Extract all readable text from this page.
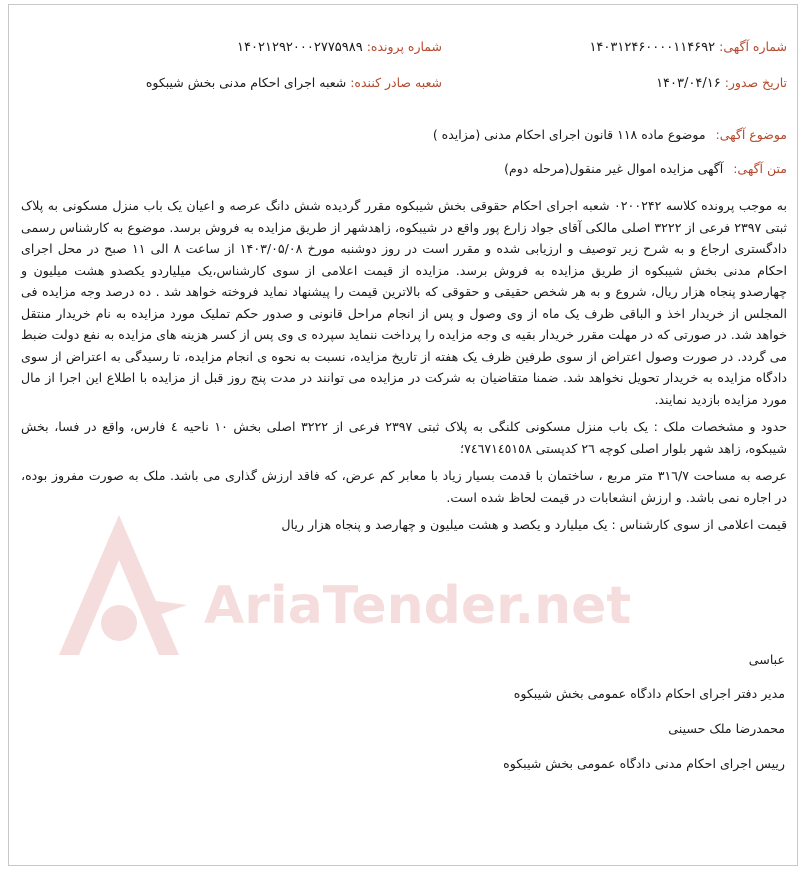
AriaTender.net
شماره آگهی: ۱۴۰۳۱۲۴۶۰۰۰۰۱۱۴۶۹۲
شماره پرونده: ۱۴۰۲۱۲۹۲۰۰۰۲۷۷۵۹۸۹
تاریخ صدور: ۱۴۰۳/۰۴/۱۶
شعبه صادر کننده: شعبه اجرای احکام مدنی بخش شیبکوه
موضوع آگهی: موضوع ماده ۱۱۸ قانون اجرای احکام مدنی (مزایده )
متن آگهی: آگهی مزایده اموال غیر منقول(مرحله دوم)

به موجب پرونده کلاسه ۰۲۰۰۲۴۲ شعبه اجرای احکام حقوقی بخش شیبکوه مقرر گردیده شش دانگ عرصه و اعیان یک باب منزل مسکونی به پلاک ثبتی ۲۳۹۷ فرعی از ۳۲۲۲ اصلی مالکی آقای جواد زارع پور واقع در شیبکوه، زاهدشهر از طریق مزایده به فروش برسد. موضوع به کارشناس رسمی دادگستری ارجاع و به شرح زیر توصیف و ارزیابی شده و مقرر است در روز دوشنبه مورخ ۱۴۰۳/۰۵/۰۸ از ساعت ۸ الی ۱۱ صبح در محل اجرای احکام مدنی بخش شیبکوه از طریق مزایده به فروش برسد. مزایده از قیمت اعلامی از سوی کارشناس،یک میلیاردو یکصدو هشت میلیون و چهارصدو پنجاه هزار ریال، شروع و به هر شخص حقیقی و حقوقی که بالاترین قیمت را پیشنهاد نماید فروخته خواهد شد . ده درصد وجه مزایده فی المجلس از خریدار اخذ و الباقی ظرف یک ماه از وی وصول و پس از انجام مراحل قانونی و صدور حکم تملیک مورد مزایده به نام خریدار منتقل خواهد شد. در صورتی که در مهلت مقرر خریدار بقیه ی وجه مزایده را پرداخت ننماید سپرده ی وی پس از کسر هزینه های مزایده به نفع دولت ضبط می گردد. در صورت وصول اعتراض از سوی طرفین ظرف یک هفته از تاریخ مزایده، نسبت به نحوه ی انجام مزایده، تا رسیدگی به اعتراض از سوی دادگاه مزایده به خریدار تحویل نخواهد شد. ضمنا متقاضیان به شرکت در مزایده می توانند در مدت پنج روز قبل از مزایده با اطلاع این اجرا از مال مورد مزایده بازدید نمایند.

حدود و مشخصات ملک : یک باب منزل مسکونی کلنگی به پلاک ثبتی ۲۳۹۷ فرعی از ۳۲۲۲ اصلی بخش ۱۰ ناحیه ٤ فارس، واقع در فسا، بخش شیبکوه، زاهد شهر بلوار اصلی کوچه ۲٦ کدپستی ۷٤٦۷۱٤٥۱٥۸؛

عرصه به مساحت ۳۱٦/۷ متر مربع ، ساختمان با قدمت بسیار زیاد با معابر کم عرض، که فاقد ارزش گذاری می باشد. ملک به صورت مفروز بوده، در اجاره نمی باشد. و ارزش انشعابات در قیمت لحاظ شده است.

قیمت اعلامی از سوی کارشناس : یک میلیارد و یکصد و هشت میلیون و چهارصد و پنجاه هزار ریال

عباسی
مدیر دفتر اجرای احکام دادگاه عمومی بخش شیبکوه
محمدرضا ملک حسینی
رییس اجرای احکام مدنی دادگاه عمومی بخش شیبکوه
